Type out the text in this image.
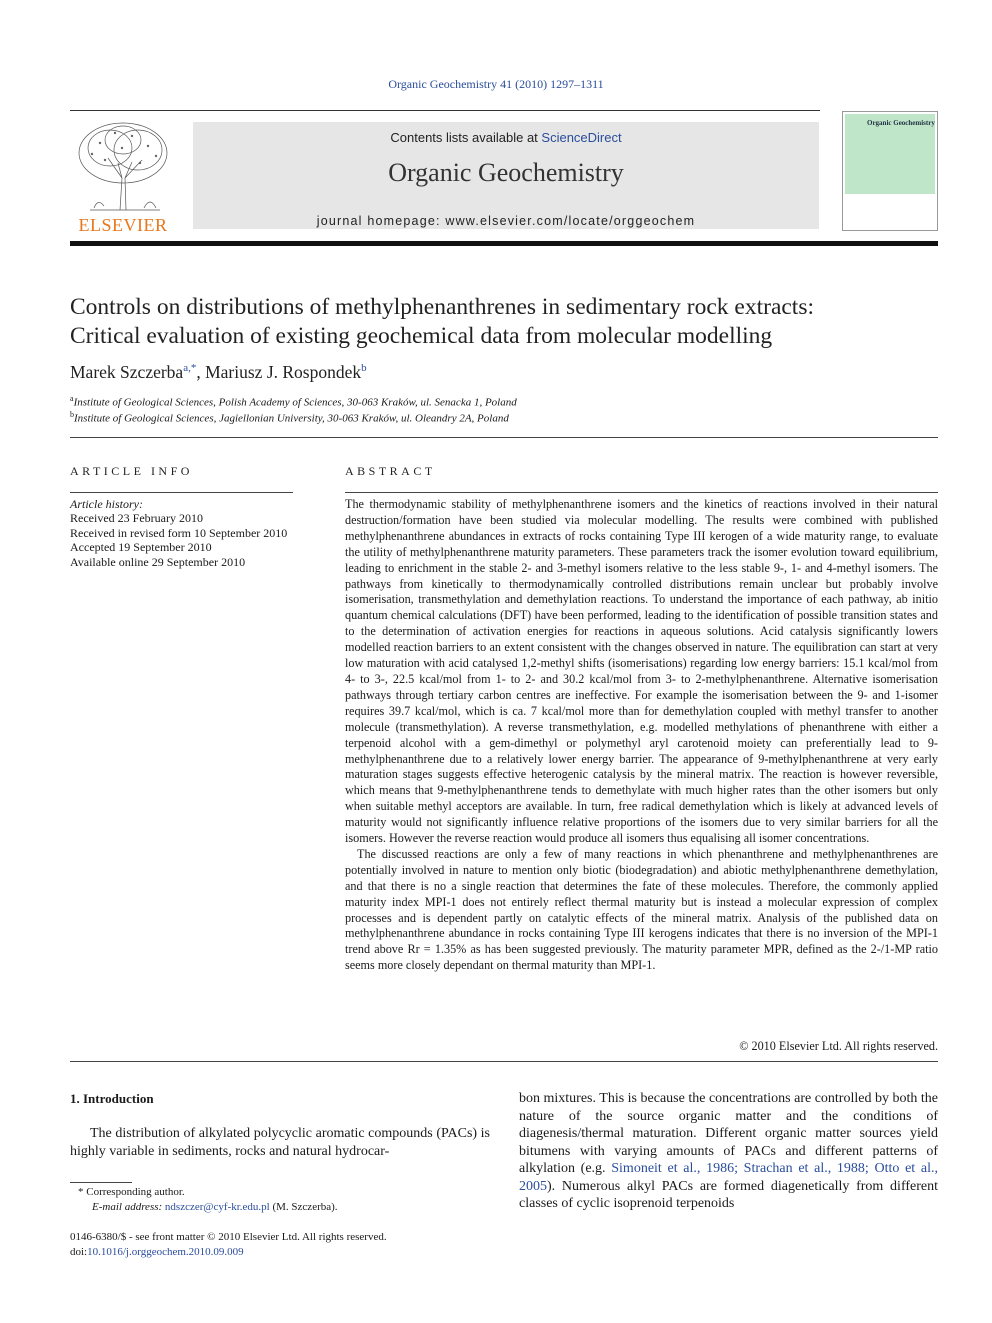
Organic Geochemistry 41 (2010) 1297–1311
ELSEVIER
Contents lists available at ScienceDirect
Organic Geochemistry
journal homepage: www.elsevier.com/locate/orggeochem
Organic Geochemistry
Controls on distributions of methylphenanthrenes in sedimentary rock extracts:
Critical evaluation of existing geochemical data from molecular modelling
Marek Szczerba$^{a,*}$, Mariusz J. Rospondek$^b$
$^a$Institute of Geological Sciences, Polish Academy of Sciences, 30-063 Kraków, ul. Senacka 1, Poland
$^b$Institute of Geological Sciences, Jagiellonian University, 30-063 Kraków, ul. Oleandry 2A, Poland
ARTICLE INFO
Article history:
Received 23 February 2010
Received in revised form 10 September 2010
Accepted 19 September 2010
Available online 29 September 2010
ABSTRACT

The thermodynamic stability of methylphenanthrene isomers and the kinetics of reactions involved in their natural destruction/formation have been studied via molecular modelling. The results were combined with published methylphenanthrene abundances in extracts of rocks containing Type III kerogen of a wide maturity range, to evaluate the utility of methylphenanthrene maturity parameters. These parameters track the isomer evolution toward equilibrium, leading to enrichment in the stable 2- and 3-methyl isomers relative to the less stable 9-, 1- and 4-methyl isomers. The pathways from kinetically to thermodynamically controlled distributions remain unclear but probably involve isomerisation, transmethylation and demethylation reactions. To understand the importance of each pathway, ab initio quantum chemical calculations (DFT) have been performed, leading to the identification of possible transition states and to the determination of activation energies for reactions in aqueous solutions. Acid catalysis significantly lowers modelled reaction barriers to an extent consistent with the changes observed in nature. The equilibration can start at very low maturation with acid catalysed 1,2-methyl shifts (isomerisations) regarding low energy barriers: 15.1 kcal/mol from 4- to 3-, 22.5 kcal/mol from 1- to 2- and 30.2 kcal/mol from 3- to 2-methylphenanthrene. Alternative isomerisation pathways through tertiary carbon centres are ineffective. For example the isomerisation between the 9- and 1-isomer requires 39.7 kcal/mol, which is ca. 7 kcal/mol more than for demethylation coupled with methyl transfer to another molecule (transmethylation). A reverse transmethylation, e.g. modelled methylations of phenanthrene with either a terpenoid alcohol with a gem-dimethyl or polymethyl aryl carotenoid moiety can preferentially lead to 9-methylphenanthrene due to a relatively lower energy barrier. The appearance of 9-methylphenanthrene at very early maturation stages suggests effective heterogenic catalysis by the mineral matrix. The reaction is however reversible, which means that 9-methylphenanthrene tends to demethylate with much higher rates than the other isomers but only when suitable methyl acceptors are available. In turn, free radical demethylation which is likely at advanced levels of maturity would not significantly influence relative proportions of the isomers due to very similar barriers for all the isomers. However the reverse reaction would produce all isomers thus equalising all isomer concentrations.

The discussed reactions are only a few of many reactions in which phenanthrene and methylphenanthrenes are potentially involved in nature to mention only biotic (biodegradation) and abiotic methylphenanthrene demethylation, and that there is no a single reaction that determines the fate of these molecules. Therefore, the commonly applied maturity index MPI-1 does not entirely reflect thermal maturity but is instead a molecular expression of complex processes and is dependent partly on catalytic effects of the mineral matrix. Analysis of the published data on methylphenanthrene abundance in rocks containing Type III kerogens indicates that there is no inversion of the MPI-1 trend above Rr = 1.35% as has been suggested previously. The maturity parameter MPR, defined as the 2-/1-MP ratio seems more closely dependant on thermal maturity than MPI-1.

© 2010 Elsevier Ltd. All rights reserved.
1. Introduction
The distribution of alkylated polycyclic aromatic compounds (PACs) is highly variable in sediments, rocks and natural hydrocar-
bon mixtures. This is because the concentrations are controlled by both the nature of the source organic matter and the conditions of diagenesis/thermal maturation. Different organic matter sources yield bitumens with varying amounts of PACs and different patterns of alkylation (e.g. Simoneit et al., 1986; Strachan et al., 1988; Otto et al., 2005). Numerous alkyl PACs are formed diagenetically from different classes of cyclic isoprenoid terpenoids
* Corresponding author.
E-mail address: ndszczer@cyf-kr.edu.pl (M. Szczerba).
0146-6380/$ - see front matter © 2010 Elsevier Ltd. All rights reserved.
doi:10.1016/j.orggeochem.2010.09.009
